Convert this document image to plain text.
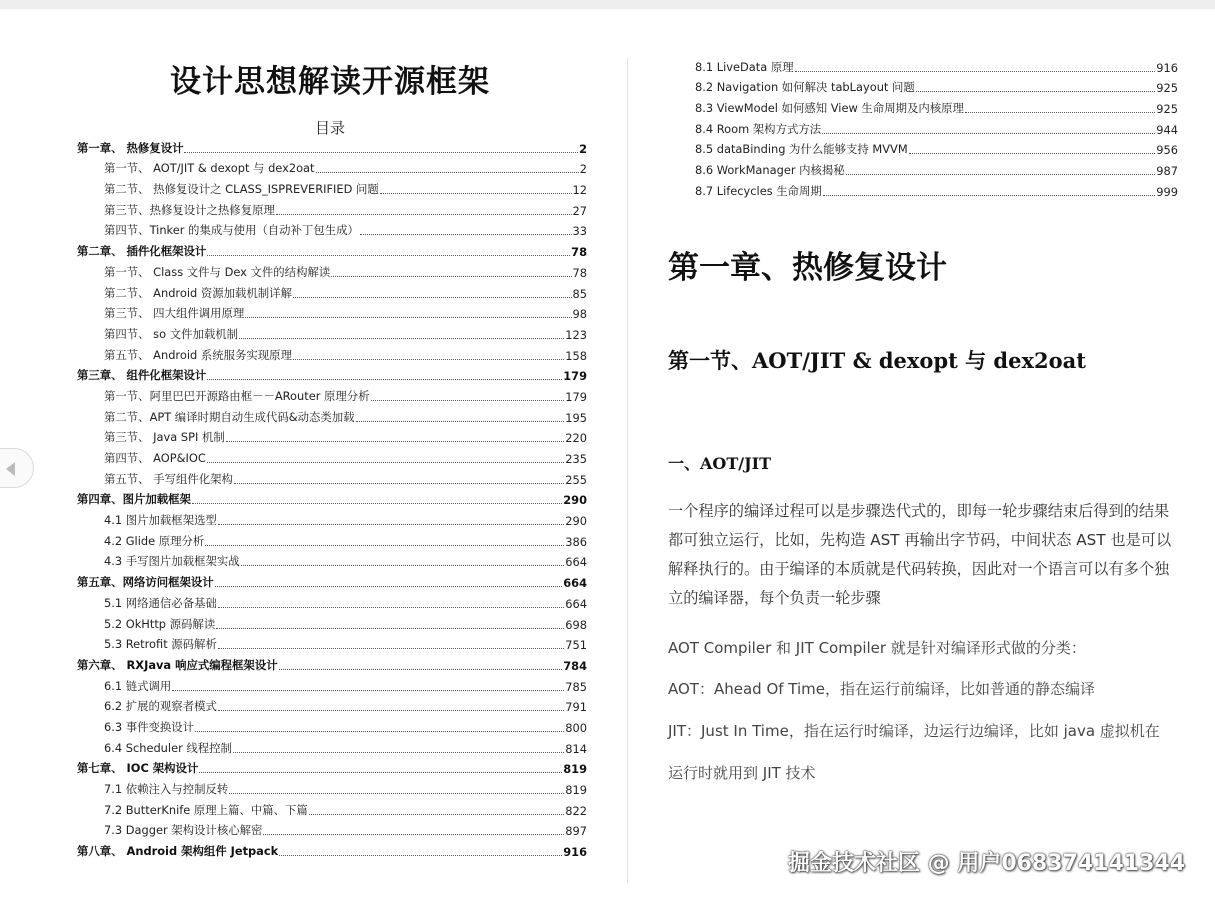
设计思想解读开源框架
目录
第一章、 热修复设计	2
第一节、 AOT/JIT & dexopt 与 dex2oat	2
第二节、 热修复设计之 CLASS_ISPREVERIFIED 问题	12
第三节、热修复设计之热修复原理	27
第四节、Tinker 的集成与使用（自动补丁包生成）	33
第二章、 插件化框架设计	78
第一节、 Class 文件与 Dex 文件的结构解读	78
第二节、 Android 资源加载机制详解	85
第三节、 四大组件调用原理	98
第四节、 so 文件加载机制	123
第五节、 Android 系统服务实现原理	158
第三章、 组件化框架设计	179
第一节、阿里巴巴开源路由框－－ARouter 原理分析	179
第二节、APT 编译时期自动生成代码&动态类加载	195
第三节、 Java SPI 机制	220
第四节、 AOP&IOC	235
第五节、 手写组件化架构	255
第四章、图片加载框架	290
4.1 图片加载框架选型	290
4.2 Glide 原理分析	386
4.3 手写图片加载框架实战	664
第五章、网络访问框架设计	664
5.1 网络通信必备基础	664
5.2 OkHttp 源码解读	698
5.3 Retrofit 源码解析	751
第六章、 RXJava 响应式编程框架设计	784
6.1 链式调用	785
6.2 扩展的观察者模式	791
6.3 事件变换设计	800
6.4 Scheduler 线程控制	814
第七章、 IOC 架构设计	819
7.1 依赖注入与控制反转	819
7.2 ButterKnife 原理上篇、中篇、下篇	822
7.3 Dagger 架构设计核心解密	897
第八章、 Android 架构组件 Jetpack	916
8.1 LiveData 原理	916
8.2 Navigation 如何解决 tabLayout 问题	925
8.3 ViewModel 如何感知 View 生命周期及内核原理	925
8.4 Room 架构方式方法	944
8.5 dataBinding 为什么能够支持 MVVM	956
8.6 WorkManager 内核揭秘	987
8.7 Lifecycles 生命周期	999
第一章、热修复设计
第一节、AOT/JIT & dexopt 与 dex2oat
一、AOT/JIT

一个程序的编译过程可以是步骤迭代式的，即每一轮步骤结束后得到的结果都可独立运行，比如，先构造 AST 再输出字节码，中间状态 AST 也是可以解释执行的。由于编译的本质就是代码转换，因此对一个语言可以有多个独立的编译器，每个负责一轮步骤

AOT Compiler 和 JIT Compiler 就是针对编译形式做的分类：

AOT：Ahead Of Time，指在运行前编译，比如普通的静态编译

JIT：Just In Time，指在运行时编译，边运行边编译，比如 java 虚拟机在

运行时就用到 JIT 技术

掘金技术社区 @ 用户068374141344
